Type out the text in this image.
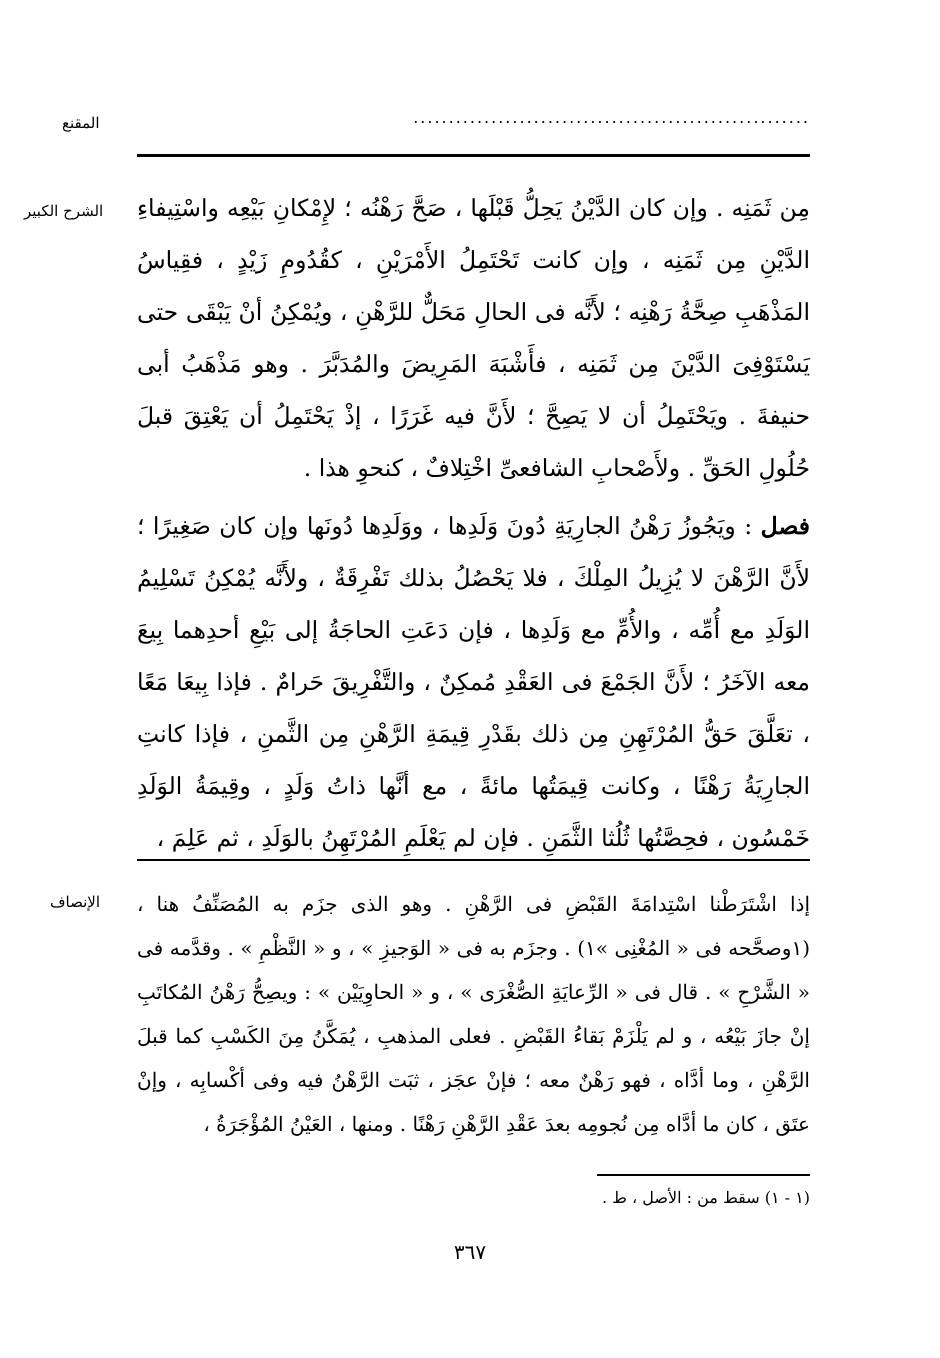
المقنع	........................................................
الشرح الكبير مِن ثَمَنِه . وإن كان الدَّيْنُ يَحِلُّ قَبْلَها ، صَحَّ رَهْنُه ؛ لإِمْكانِ بَيْعِه واسْتِيفاءِ الدَّيْنِ مِن ثَمَنِه ، وإن كانت تَحْتَمِلُ الأَمْرَيْنِ ، كقُدُومِ زَيْدٍ ، فقِياسُ المَذْهَبِ صِحَّةُ رَهْنِه ؛ لأَنَّه فى الحالِ مَحَلٌّ للرَّهْنِ ، ويُمْكِنُ أنْ يَبْقَى حتى يَسْتَوْفِىَ الدَّيْنَ مِن ثَمَنِه ، فأَشْبَهَ المَرِيضَ والمُدَبَّرَ . وهو مَذْهَبُ أبى حنيفةَ . ويَحْتَمِلُ أن لا يَصِحَّ ؛ لأَنَّ فيه غَرَرًا ، إذْ يَحْتَمِلُ أن يَعْتِقَ قبلَ حُلُولِ الحَقِّ . ولأَصْحابِ الشافعىِّ اخْتِلافٌ ، كنحوِ هذا .

فصل : ويَجُوزُ رَهْنُ الجارِيَةِ دُونَ وَلَدِها ، ووَلَدِها دُونَها وإن كان صَغِيرًا ؛ لأَنَّ الرَّهْنَ لا يُزِيلُ المِلْكَ ، فلا يَحْصُلُ بذلك تَفْرِقَةٌ ، ولأَنَّه يُمْكِنُ تَسْلِيمُ الوَلَدِ مع أُمِّه ، والأُمِّ مع وَلَدِها ، فإن دَعَتِ الحاجَةُ إلى بَيْعِ أحدِهما بِيعَ معه الآخَرُ ؛ لأَنَّ الجَمْعَ فى العَقْدِ مُمكِنٌ ، والتَّفْرِيقَ حَرامٌ . فإذا بِيعَا مَعًا ، تعَلَّقَ حَقُّ المُرْتَهِنِ مِن ذلك بقَدْرِ قِيمَةِ الرَّهْنِ مِن الثَّمنِ ، فإذا كانتِ الجارِيَةُ رَهْنًا ، وكانت قِيمَتُها مائةً ، مع أنَّها ذاتُ وَلَدٍ ، وقِيمَةُ الوَلَدِ خَمْسُون ، فحِصَّتُها ثُلُثا الثَّمَنِ . فإن لم يَعْلَمِ المُرْتَهِنُ بالوَلَدِ ، ثم عَلِمَ ،

الإنصاف إذا اشْتَرَطْنا اسْتِدامَةَ القَبْضِ فى الرَّهْنِ . وهو الذى جزَم به المُصَنِّفُ هنا ، (١وصحَّحه فى « المُغْنِى »١) . وجزَم به فى « الوَجيزِ » ، و « النَّظْمِ » . وقدَّمه فى « الشَّرْحِ » . قال فى « الرِّعايَةِ الصُّغْرَى » ، و « الحاوِيَيْن » : ويصِحُّ رَهْنُ المُكاتَبِ إنْ جازَ بَيْعُه ، و لم يَلْزَمْ بَقاءُ القَبْضِ . فعلى المذهبِ ، يُمَكَّنُ مِنَ الكَسْبِ كما قبلَ الرَّهْنِ ، وما أدَّاه ، فهو رَهْنٌ معه ؛ فإنْ عجَز ، ثبَت الرَّهْنُ فيه وفى أكْسابِه ، وإنْ عتَق ، كان ما أدَّاه مِن نُجومِه بعدَ عَقْدِ الرَّهْنِ رَهْنًا . ومنها ، العَيْنُ المُؤْجَرَةُ ،
(١ - ١) سقط من : الأصل ، ط .
٣٦٧
